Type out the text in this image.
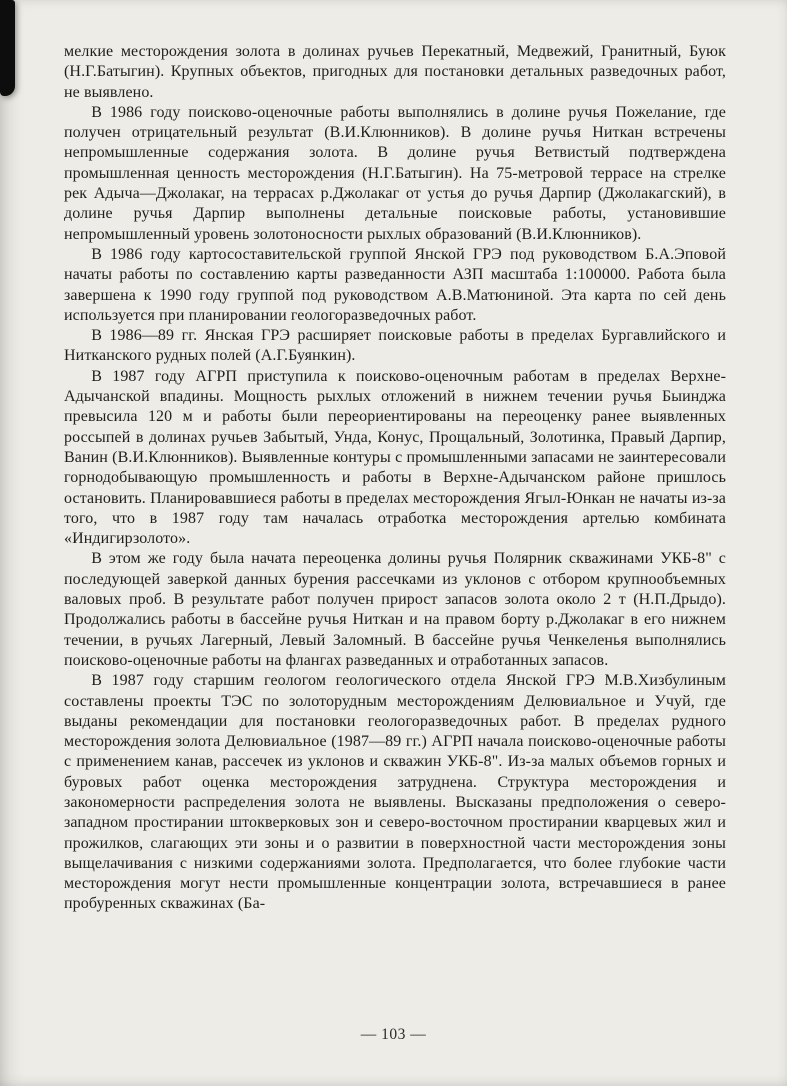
мелкие месторождения золота в долинах ручьев Перекатный, Медвежий, Гранитный, Буюк (Н.Г.Батыгин). Крупных объектов, пригодных для постановки детальных разведочных работ, не выявлено.

В 1986 году поисково-оценочные работы выполнялись в долине ручья Пожелание, где получен отрицательный результат (В.И.Клюнников). В долине ручья Ниткан встречены непромышленные содержания золота. В долине ручья Ветвистый подтверждена промышленная ценность месторождения (Н.Г.Батыгин). На 75-метровой террасе на стрелке рек Адыча—Джолакаг, на террасах р.Джолакаг от устья до ручья Дарпир (Джолакагский), в долине ручья Дарпир выполнены детальные поисковые работы, установившие непромышленный уровень золотоносности рыхлых образований (В.И.Клюнников).

В 1986 году картосоставительской группой Янской ГРЭ под руководством Б.А.Эповой начаты работы по составлению карты разведанности АЗП масштаба 1:100000. Работа была завершена к 1990 году группой под руководством А.В.Матюниной. Эта карта по сей день используется при планировании геологоразведочных работ.

В 1986—89 гг. Янская ГРЭ расширяет поисковые работы в пределах Бургавлийского и Нитканского рудных полей (А.Г.Буянкин).

В 1987 году АГРП приступила к поисково-оценочным работам в пределах Верхне-Адычанской впадины. Мощность рыхлых отложений в нижнем течении ручья Быинджа превысила 120 м и работы были переориентированы на переоценку ранее выявленных россыпей в долинах ручьев Забытый, Унда, Конус, Прощальный, Золотинка, Правый Дарпир, Ванин (В.И.Клюнников). Выявленные контуры с промышленными запасами не заинтересовали горнодобывающую промышленность и работы в Верхне-Адычанском районе пришлось остановить. Планировавшиеся работы в пределах месторождения Ягыл-Юнкан не начаты из-за того, что в 1987 году там началась отработка месторождения артелью комбината «Индигирзолото».

В этом же году была начата переоценка долины ручья Полярник скважинами УКБ-8" с последующей заверкой данных бурения рассечками из уклонов с отбором крупнообъемных валовых проб. В результате работ получен прирост запасов золота около 2 т (Н.П.Дрыдо). Продолжались работы в бассейне ручья Ниткан и на правом борту р.Джолакаг в его нижнем течении, в ручьях Лагерный, Левый Заломный. В бассейне ручья Ченкеленья выполнялись поисково-оценочные работы на флангах разведанных и отработанных запасов.

В 1987 году старшим геологом геологического отдела Янской ГРЭ М.В.Хизбулиным составлены проекты ТЭС по золоторудным месторождениям Делювиальное и Учуй, где выданы рекомендации для постановки геологоразведочных работ. В пределах рудного месторождения золота Делювиальное (1987—89 гг.) АГРП начала поисково-оценочные работы с применением канав, рассечек из уклонов и скважин УКБ-8". Из-за малых объемов горных и буровых работ оценка месторождения затруднена. Структура месторождения и закономерности распределения золота не выявлены. Высказаны предположения о северо-западном простирании штокверковых зон и северо-восточном простирании кварцевых жил и прожилков, слагающих эти зоны и о развитии в поверхностной части месторождения зоны выщелачивания с низкими содержаниями золота. Предполагается, что более глубокие части месторождения могут нести промышленные концентрации золота, встречавшиеся в ранее пробуренных скважинах (Ба-

— 103 —
